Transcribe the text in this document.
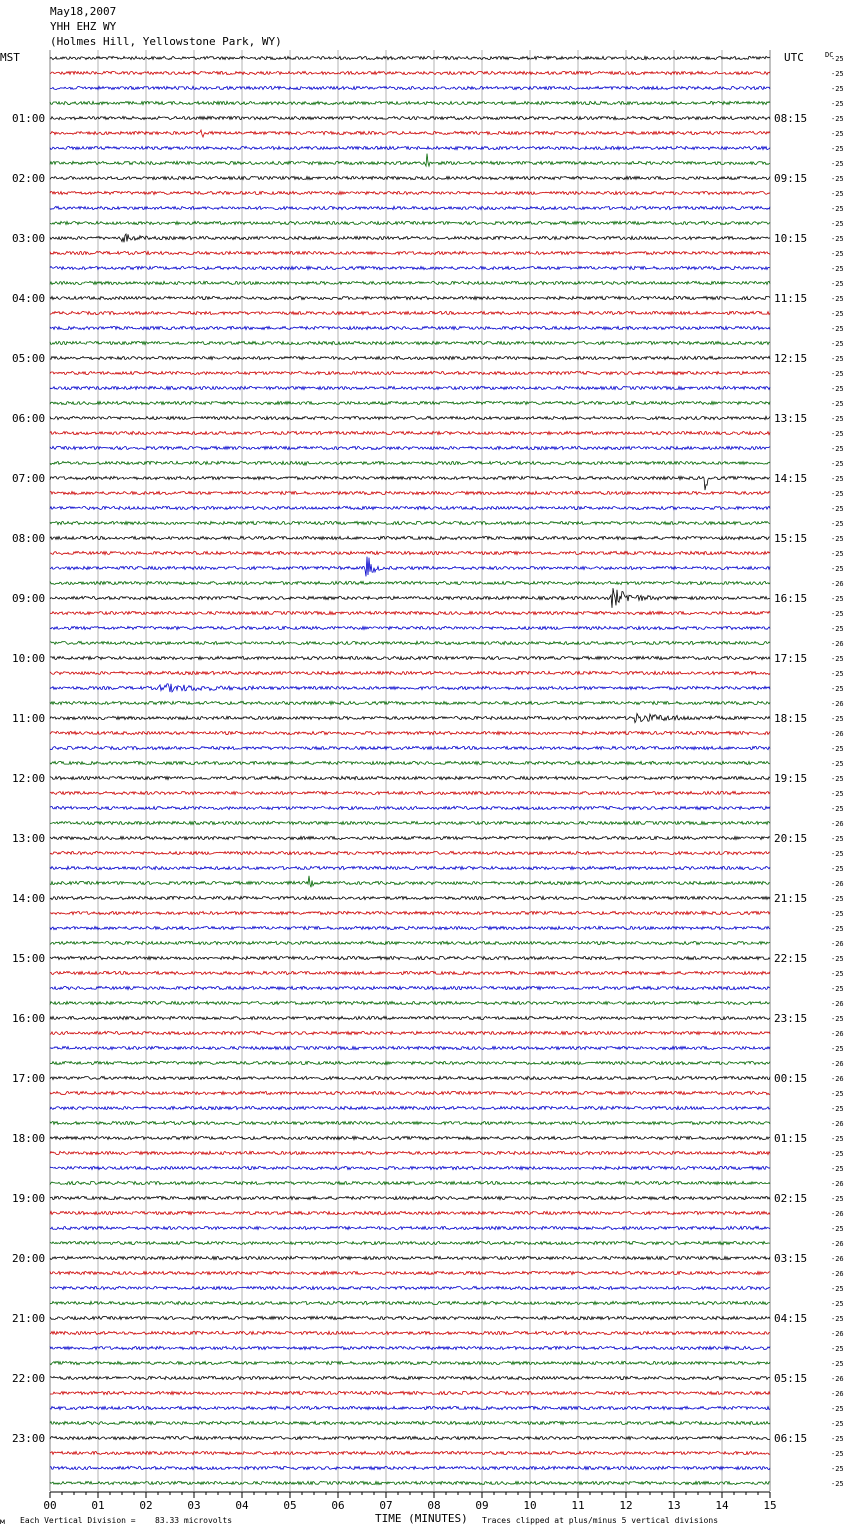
May18,2007
YHH EHZ WY
(Holmes Hill, Yellowstone Park, WY)
MST	UTC	DC
01:00	08:15
02:00	09:15
03:00	10:15
04:00	11:15
05:00	12:15
06:00	13:15
07:00	14:15
08:00	15:15
09:00	16:15
10:00	17:15
11:00	18:15
12:00	19:15
13:00	20:15
14:00	21:15
15:00	22:15
16:00	23:15
17:00	00:15
18:00	01:15
19:00	02:15
20:00	03:15
21:00	04:15
22:00	05:15
23:00	06:15
-25
-25
-25
-25
-25
-25
-25
-25
-25
-25
-25
-25
-25
-25
-25
-25
-25
-25
-25
-25
-25
-25
-25
-25
-25
-25
-25
-25
-25
-25
-25
-25
-25
-25
-25
-26
-25
-25
-25
-26
-25
-25
-25
-26
-25
-26
-25
-25
-25
-25
-25
-26
-25
-25
-25
-26
-25
-25
-25
-26
-25
-25
-25
-26
-25
-26
-25
-26
-26
-25
-25
-26
-25
-25
-25
-26
-25
-26
-25
-26
-26
-26
-25
-25
-25
-26
-25
-25
-26
-26
-25
-25
-25
-25
-25
-25
00	01	02	03	04	05	06	07	08	09	10	11	12	13	14	15
TIME (MINUTES)
м Each Vertical Division = 83.33 microvolts	Traces clipped at plus/minus 5 vertical divisions
